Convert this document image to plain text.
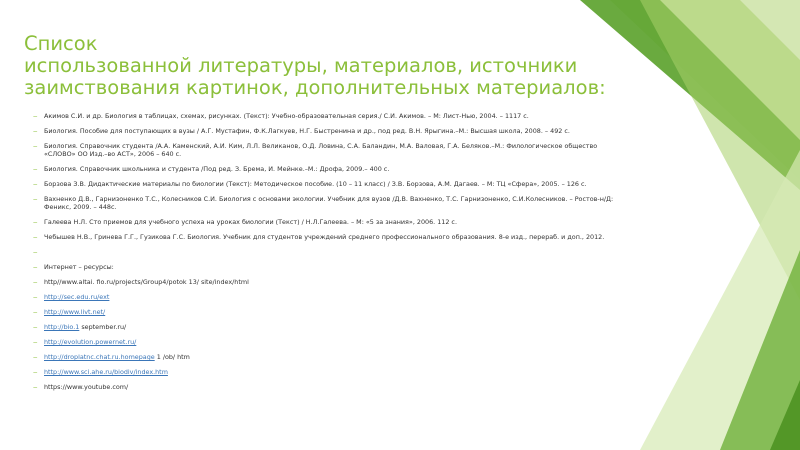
Список
использованной литературы, материалов, источники
заимствования картинок, дополнительных материалов:
‒ Акимов С.И. и др. Биология в таблицах, схемах, рисунках. (Текст): Учебно-образовательная серия./ С.И. Акимов. – М: Лист-Нью, 2004. – 1117 с.
‒ Биология. Пособие для поступающих в вузы / А.Г. Мустафин, Ф.К.Лагкуев, Н.Г. Быстренина и др., под ред. В.Н. Ярыгина.–М.: Высшая школа, 2008. – 492 с.
‒ Биология. Справочник студента /А.А. Каменский, А.И. Ким, Л.Л. Великанов, О.Д. Ловина, С.А. Баландин, М.А. Валовая, Г.А. Беляков.–М.: Филологическое общество «СЛОВО» ОО Изд.–во АСТ», 2006 – 640 с.
‒ Биология. Справочник школьника и студента /Под ред. З. Брема, И. Мейнке.–М.: Дрофа, 2009.– 400 с.
‒ Борзова З.В. Дидактические материалы по биологии (Текст): Методическое пособие. (10 – 11 класс) / З.В. Борзова, А.М. Дагаев. – М: ТЦ «Сфера», 2005. – 126 с.
‒ Вахненко Д.В., Гарнизоненко Т.С., Колесников С.И. Биология с основами экологии. Учебник для вузов /Д.В. Вахненко, Т.С. Гарнизоненко, С.И.Колесников. – Ростов-н/Д: Феникс, 2009. – 448с.
‒ Галеева Н.Л. Сто приемов для учебного успеха на уроках биологии (Текст) / Н.Л.Галеева. – М: «5 за знания», 2006. 112 с.
‒ Чебышев Н.В., Гринева Г.Г., Гузикова Г.С. Биология. Учебник для студентов учреждений среднего профессионального образования. 8-е изд., перераб. и доп., 2012.
‒
‒ Интернет – ресурсы:
‒ http//www.altai. fio.ru/projects/Group4/potok 13/ site/index/html
‒ http://sec.edu.ru/ext
‒ http://www.livt.net/
‒ http://bio.1 september.ru/
‒ http://evolution.powernet.ru/
‒ http://droplatnc.chat.ru.homepage 1 /ob/ htm
‒ http://www.sci.ahe.ru/biodiv/index.htm
‒ https://www.youtube.com/
